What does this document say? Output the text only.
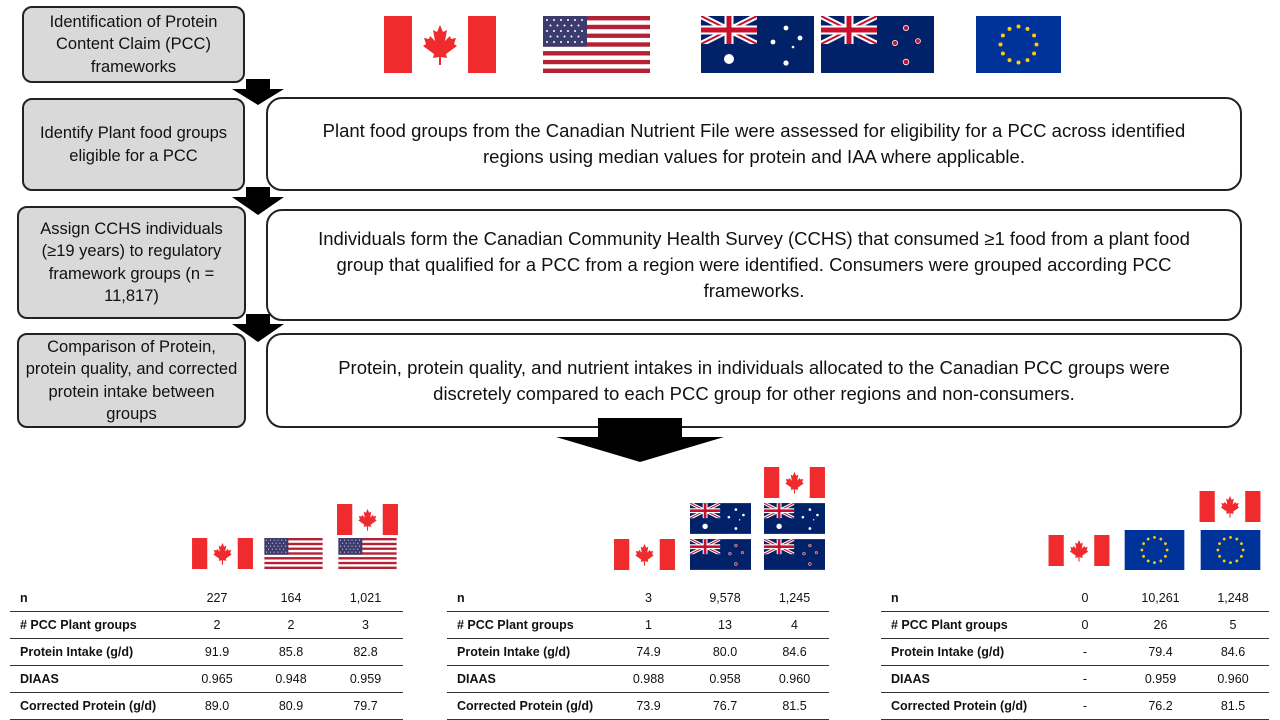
Identification of Protein Content Claim (PCC) frameworks
Identify Plant food groups eligible for a PCC
Assign CCHS individuals (≥19 years) to regulatory framework groups (n = 11,817)
Comparison of Protein, protein quality, and corrected protein intake between groups
Plant food groups from the Canadian Nutrient File were assessed for eligibility for a PCC across identified regions using median values for protein and IAA where applicable.
Individuals form the Canadian Community Health Survey (CCHS) that consumed ≥1 food from a plant food group that qualified for a PCC from a region were identified. Consumers were grouped according PCC frameworks.
Protein, protein quality, and nutrient intakes in individuals allocated to the Canadian PCC groups were discretely compared to each PCC group for other regions and non-consumers.
n	227	164	1,021
# PCC Plant groups	2	2	3
Protein Intake (g/d)	91.9	85.8	82.8
DIAAS	0.965	0.948	0.959
Corrected Protein (g/d)	89.0	80.9	79.7
n	3	9,578	1,245
# PCC Plant groups	1	13	4
Protein Intake (g/d)	74.9	80.0	84.6
DIAAS	0.988	0.958	0.960
Corrected Protein (g/d)	73.9	76.7	81.5
n	0	10,261	1,248
# PCC Plant groups	0	26	5
Protein Intake (g/d)	-	79.4	84.6
DIAAS	-	0.959	0.960
Corrected Protein (g/d)	-	76.2	81.5
